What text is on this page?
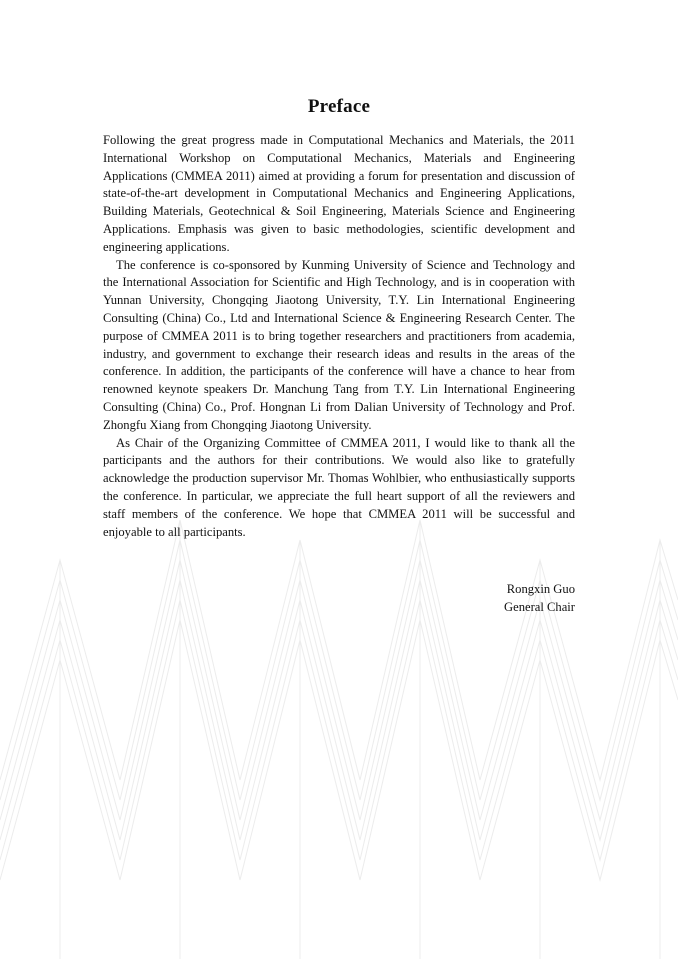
Preface

Following the great progress made in Computational Mechanics and Materials, the 2011 International Workshop on Computational Mechanics, Materials and Engineering Applications (CMMEA 2011) aimed at providing a forum for presentation and discussion of state-of-the-art development in Computational Mechanics and Engineering Applications, Building Materials, Geotechnical & Soil Engineering, Materials Science and Engineering Applications. Emphasis was given to basic methodologies, scientific development and engineering applications.

The conference is co-sponsored by Kunming University of Science and Technology and the International Association for Scientific and High Technology, and is in cooperation with Yunnan University, Chongqing Jiaotong University, T.Y. Lin International Engineering Consulting (China) Co., Ltd and International Science & Engineering Research Center. The purpose of CMMEA 2011 is to bring together researchers and practitioners from academia, industry, and government to exchange their research ideas and results in the areas of the conference. In addition, the participants of the conference will have a chance to hear from renowned keynote speakers Dr. Manchung Tang from T.Y. Lin International Engineering Consulting (China) Co., Prof. Hongnan Li from Dalian University of Technology and Prof. Zhongfu Xiang from Chongqing Jiaotong University.

As Chair of the Organizing Committee of CMMEA 2011, I would like to thank all the participants and the authors for their contributions. We would also like to gratefully acknowledge the production supervisor Mr. Thomas Wohlbier, who enthusiastically supports the conference. In particular, we appreciate the full heart support of all the reviewers and staff members of the conference. We hope that CMMEA 2011 will be successful and enjoyable to all participants.

Rongxin Guo
General Chair
